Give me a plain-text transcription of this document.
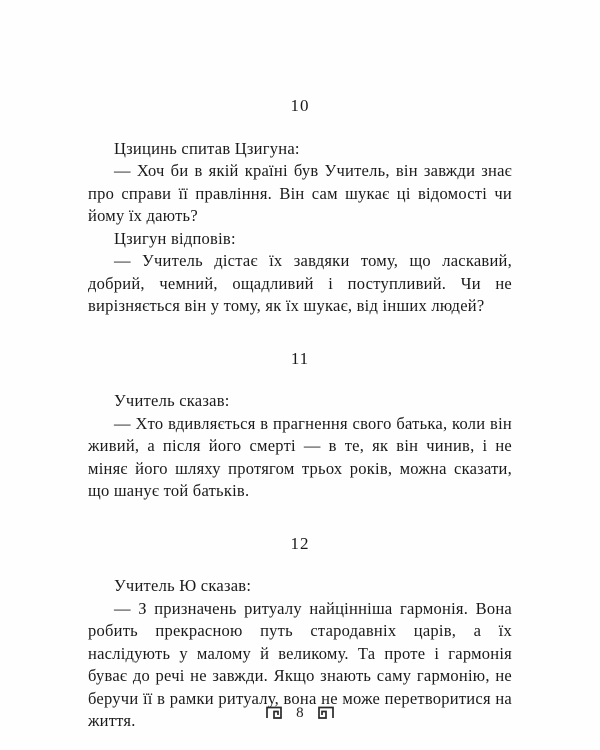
10

Цзицинь спитав Цзигуна:

— Хоч би в якій країні був Учитель, він завжди знає про справи її правління. Він сам шукає ці відомості чи йому їх дають?

Цзигун відповів:

— Учитель дістає їх завдяки тому, що ласкавий, добрий, чемний, ощадливий і поступливий. Чи не вирізняється він у тому, як їх шукає, від інших людей?

11

Учитель сказав:

— Хто вдивляється в прагнення свого батька, коли він живий, а після його смерті — в те, як він чинив, і не міняє його шляху протягом трьох років, можна сказати, що шанує той батьків.

12

Учитель Ю сказав:

— З призначень ритуалу найцінніша гармонія. Вона робить прекрасною путь стародавніх царів, а їх наслідують у малому й великому. Та проте і гармонія буває до речі не завжди. Якщо знають саму гармонію, не беручи її в рамки ритуалу, вона не може перетворитися на життя.	8
